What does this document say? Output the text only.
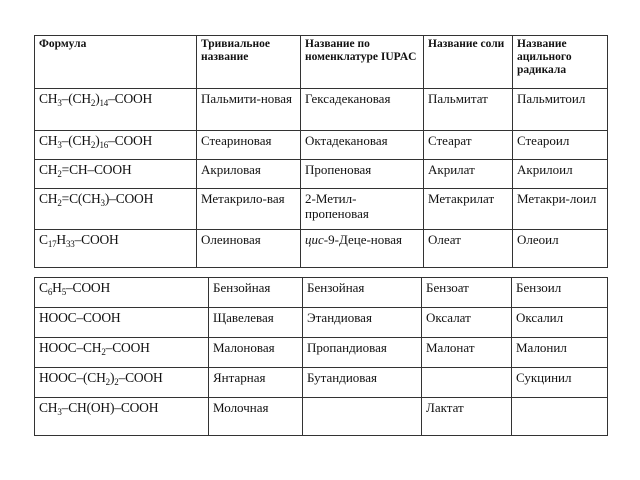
Формула	Тривиальное название	Название по номенклатуре IUPAC	Название соли	Название ацильного радикала
$CH_3-(CH_2)_{14}$–COOH	Пальмити-новая	Гексадекановая	Пальмитат	Пальмитоил
$CH_3-(CH_2)_{16}$–COOH	Стеариновая	Октадекановая	Стеарат	Стеароил
$CH_2=CH$–COOH	Акриловая	Пропеновая	Акрилат	Акрилоил
$CH_2=C(CH_3)$–COOH	Метакрило-вая	2-Метил-пропеновая	Метакрилат	Метакри-лоил
$C_{17}H_{33}$–COOH	Олеиновая	цис-9-Деце-новая	Олеат	Олеоил
$C_6H_5$–COOH	Бензойная	Бензойная	Бензоат	Бензоил
HOOC–COOH	Щавелевая	Этандиовая	Оксалат	Оксалил
HOOC–$CH_2$–COOH	Малоновая	Пропандиовая	Малонат	Малонил
HOOC–$(CH_2)_2$–COOH	Янтарная	Бутандиовая		Сукцинил
$CH_3-CH(OH)$–COOH	Молочная		Лактат	
